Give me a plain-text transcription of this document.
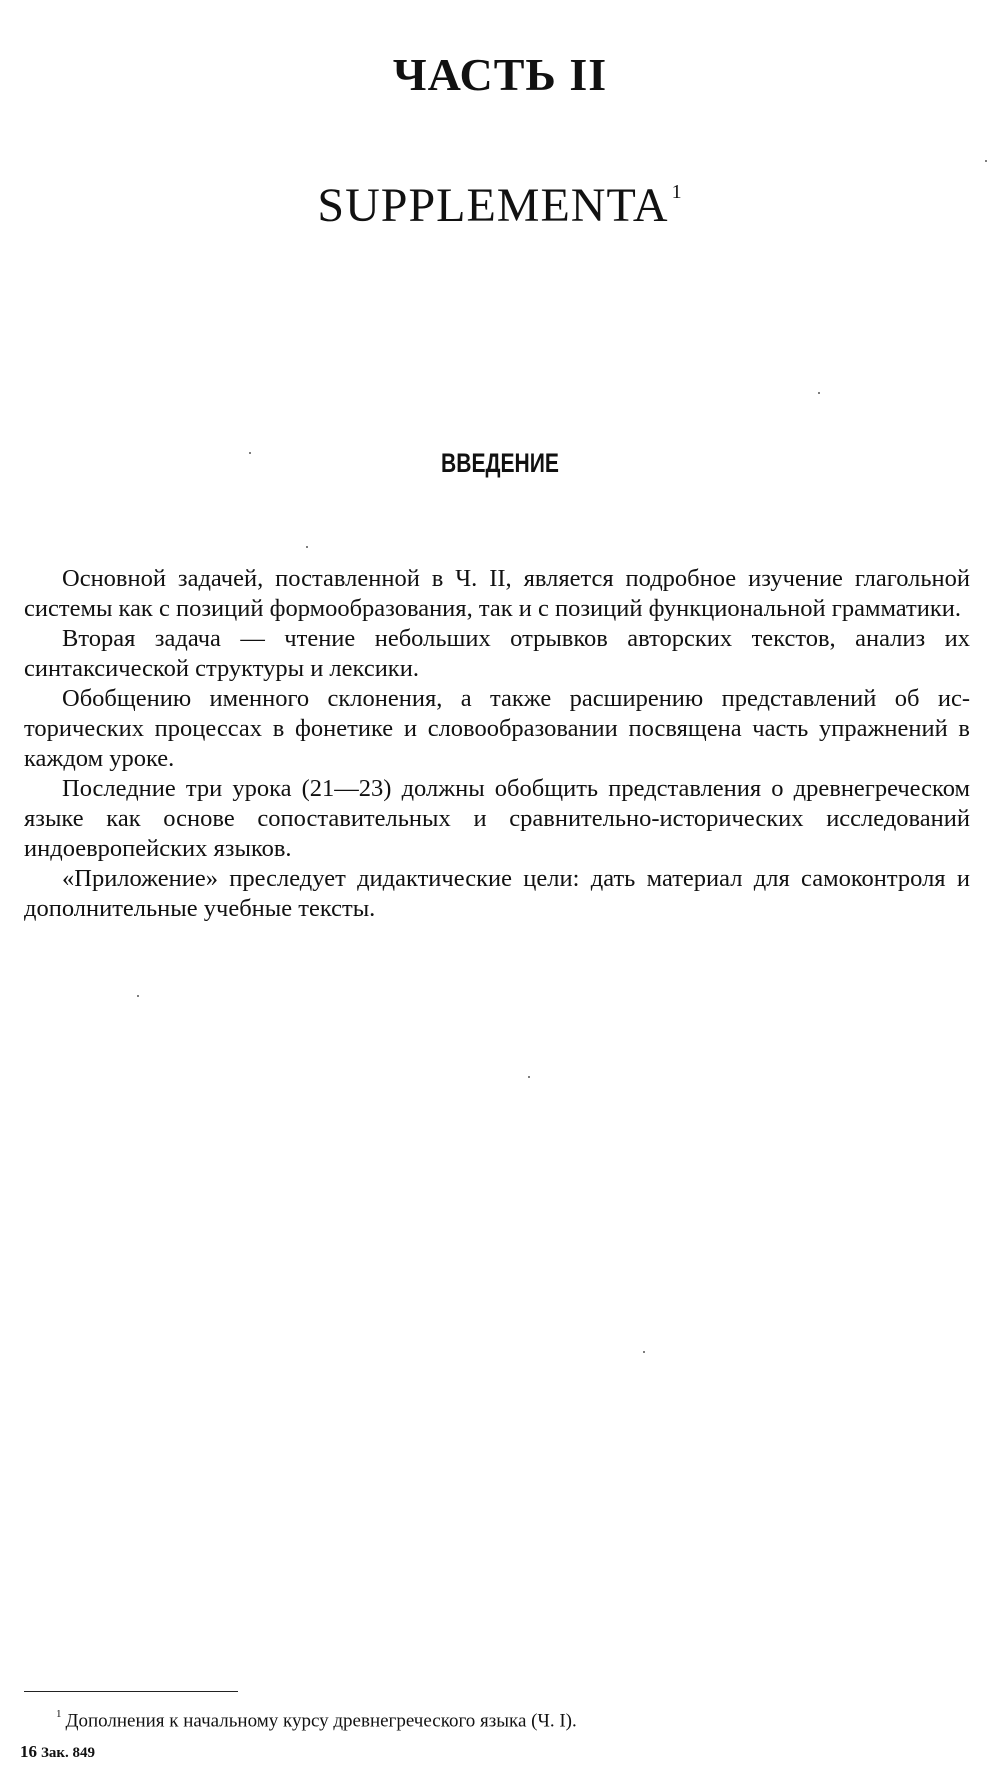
ЧАСТЬ II
SUPPLEMENTA $^1$
ВВЕДЕНИЕ

Основной задачей, поставленной в Ч. II, является подробное изучение глагольной системы как с позиций формообразования, так и с позиций функциональной грамматики.

Вторая задача — чтение небольших отрывков авторских текстов, анализ их синтаксической структуры и лексики.

Обобщению именного склонения, а также расширению представлений об исторических процессах в фонетике и словообразовании посвящена часть упражнений в каждом уроке.

Последние три урока (21—23) должны обобщить представления о древнегреческом языке как основе сопоставительных и сравнительно-исторических исследований индоевропейских языков.

«Приложение» преследует дидактические цели: дать материал для самоконтроля и дополнительные учебные тексты.

$^1$ Дополнения к начальному курсу древнегреческого языка (Ч. I).
16 Зак. 849
